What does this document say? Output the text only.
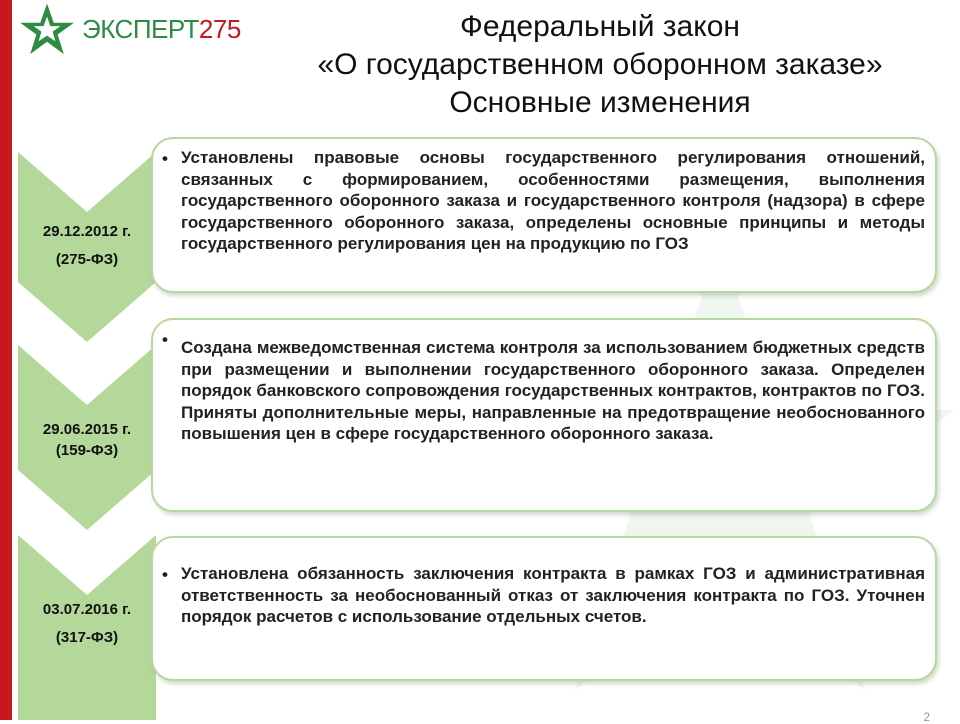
ЭКСПЕРТ275	Федеральный закон
«О государственном оборонном заказе»
Основные изменения
29.12.2012 г.
(275-ФЗ)
• Установлены правовые основы государственного регулирования отношений, связанных с формированием, особенностями размещения, выполнения государственного оборонного заказа и государственного контроля (надзора) в сфере государственного оборонного заказа, определены основные принципы и методы государственного регулирования цен на продукцию по ГОЗ

29.06.2015 г.
(159-ФЗ)
• Создана межведомственная система контроля за использованием бюджетных средств при размещении и выполнении государственного оборонного заказа. Определен порядок банковского сопровождения государственных контрактов, контрактов по ГОЗ. Приняты дополнительные меры, направленные на предотвращение необоснованного повышения цен в сфере государственного оборонного заказа.

03.07.2016 г.
(317-ФЗ)
• Установлена обязанность заключения контракта в рамках ГОЗ и административная ответственность за необоснованный отказ от заключения контракта по ГОЗ. Уточнен порядок расчетов с использование отдельных счетов.

2
